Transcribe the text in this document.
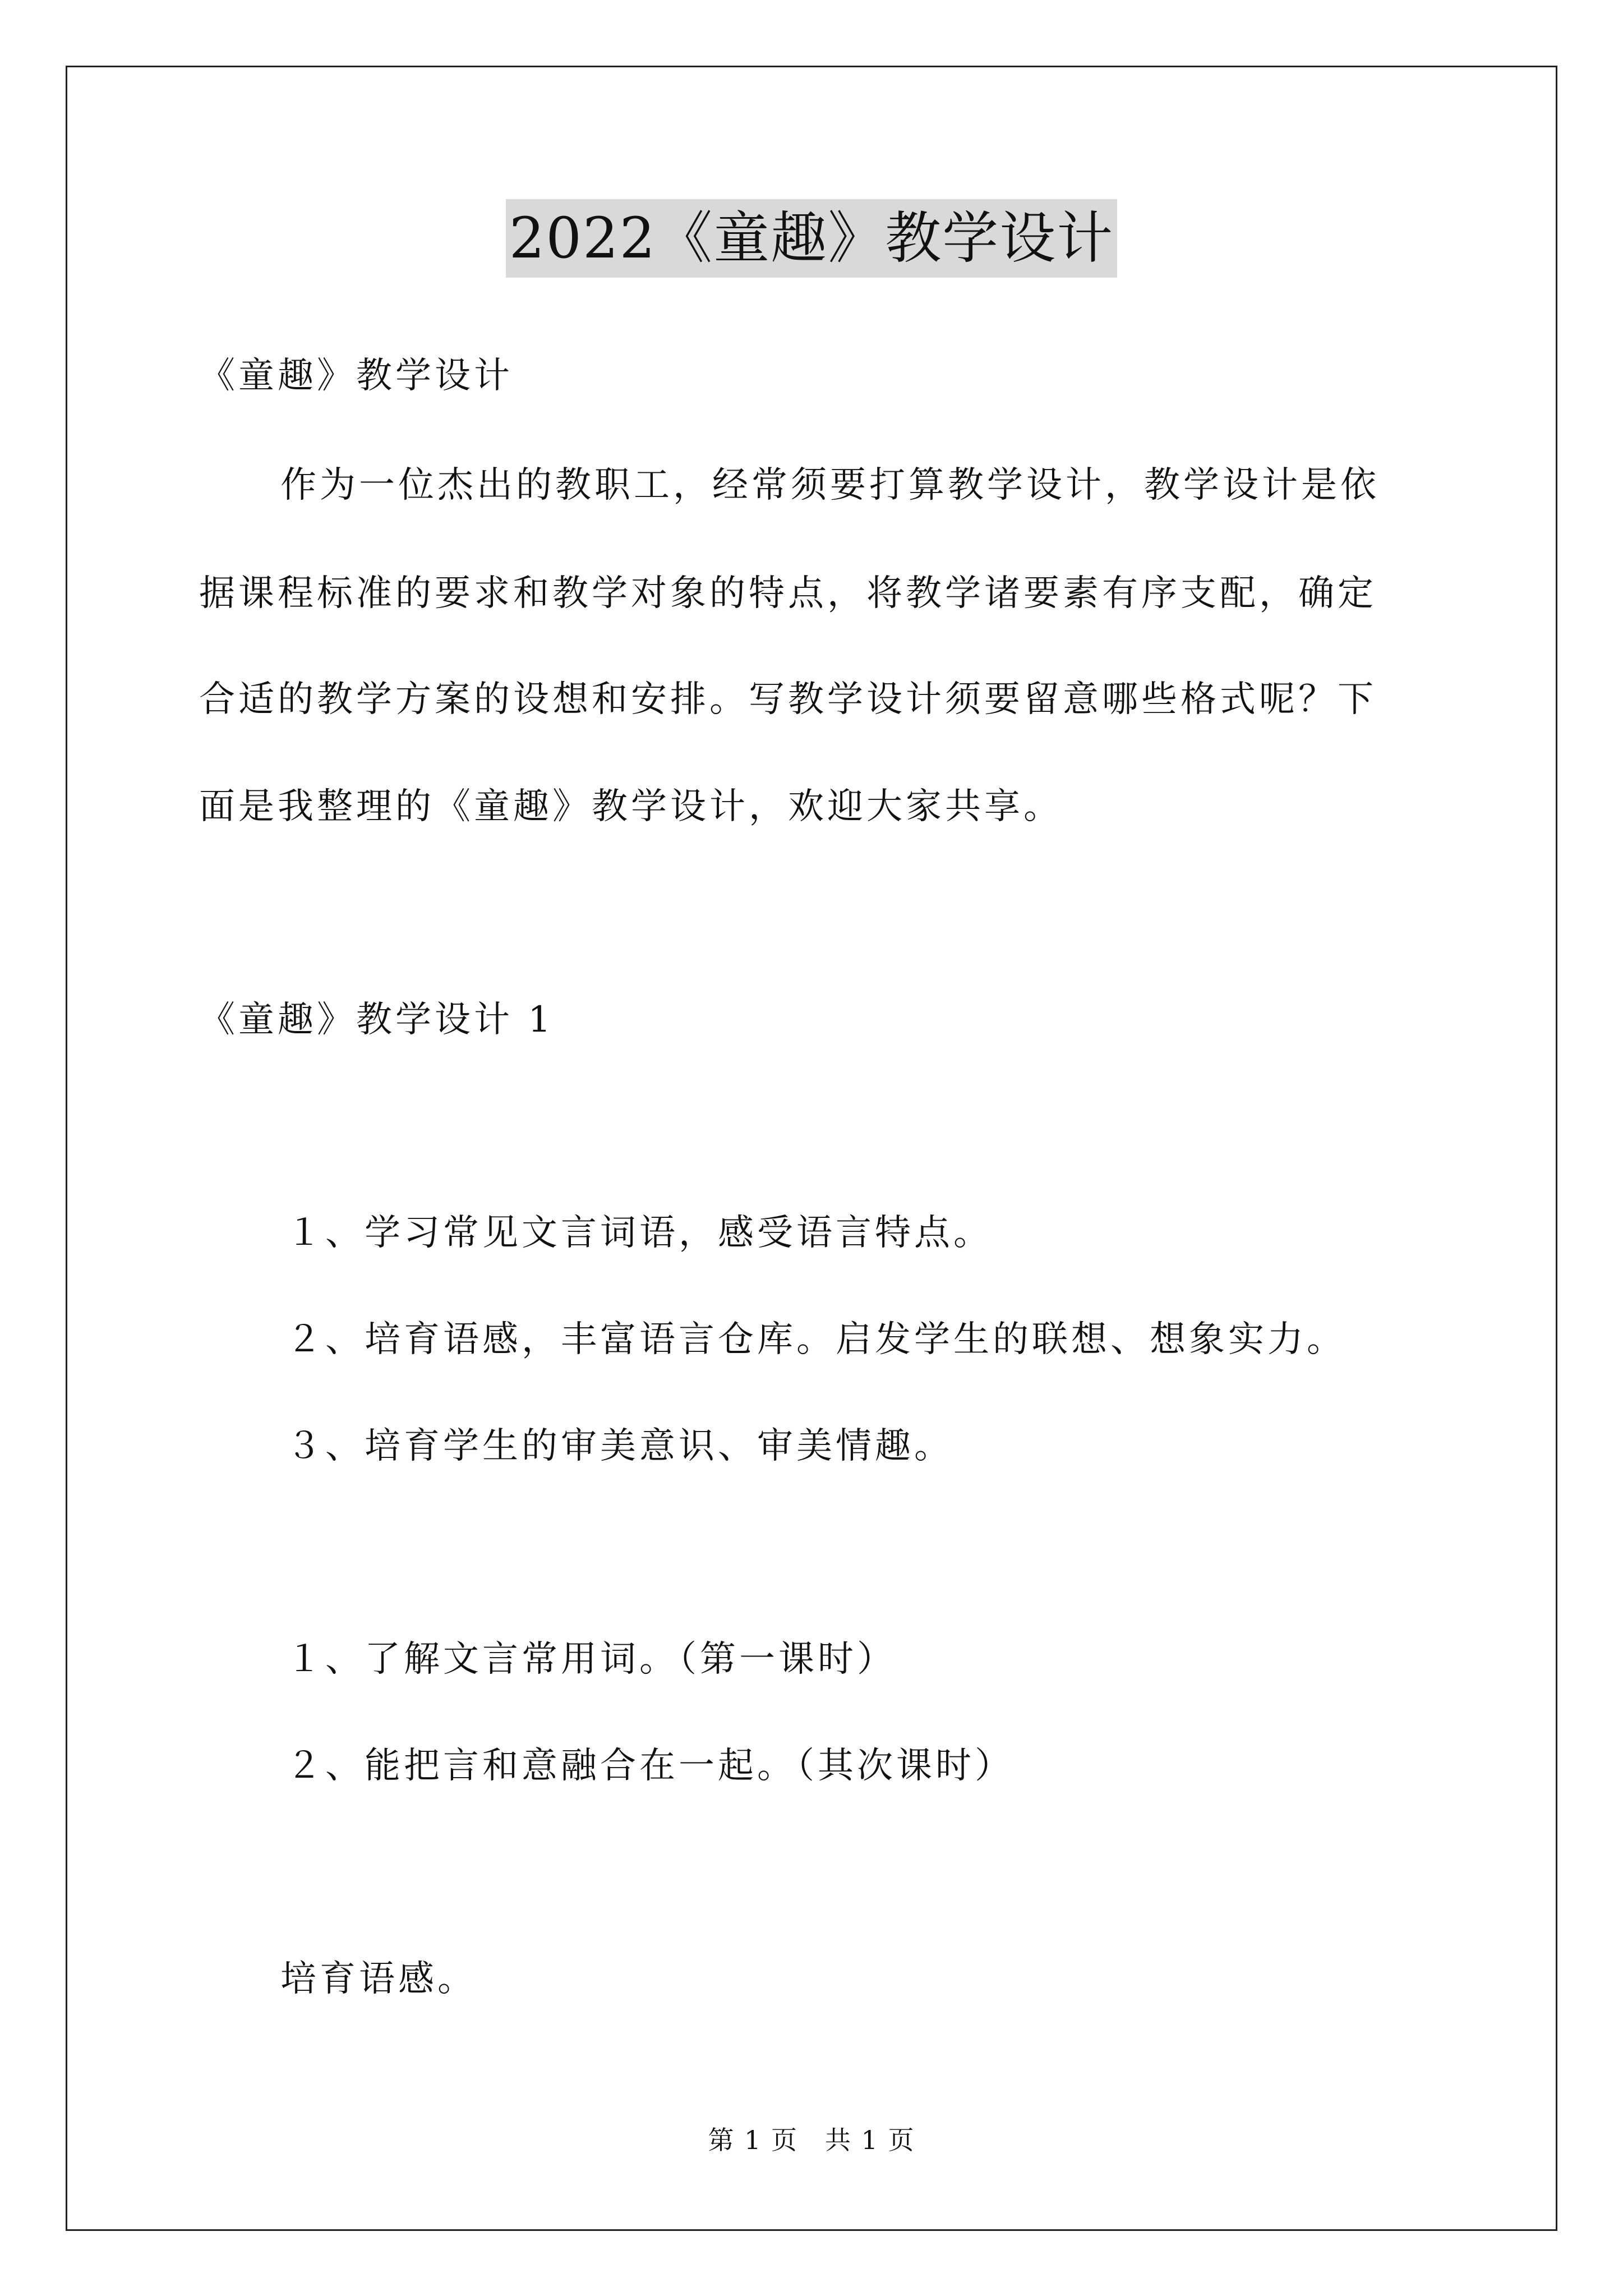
2022《童趣》教学设计
《童趣》教学设计
作为一位杰出的教职工，经常须要打算教学设计，教学设计是依
据课程标准的要求和教学对象的特点，将教学诸要素有序支配，确定
合适的教学方案的设想和安排。写教学设计须要留意哪些格式呢？下
面是我整理的《童趣》教学设计，欢迎大家共享。
《童趣》教学设计 1
１、学习常见文言词语，感受语言特点。
２、培育语感，丰富语言仓库。启发学生的联想、想象实力。
３、培育学生的审美意识、审美情趣。
１、了解文言常用词。（第一课时）
２、能把言和意融合在一起。（其次课时）
培育语感。
第 1 页　共 1 页
